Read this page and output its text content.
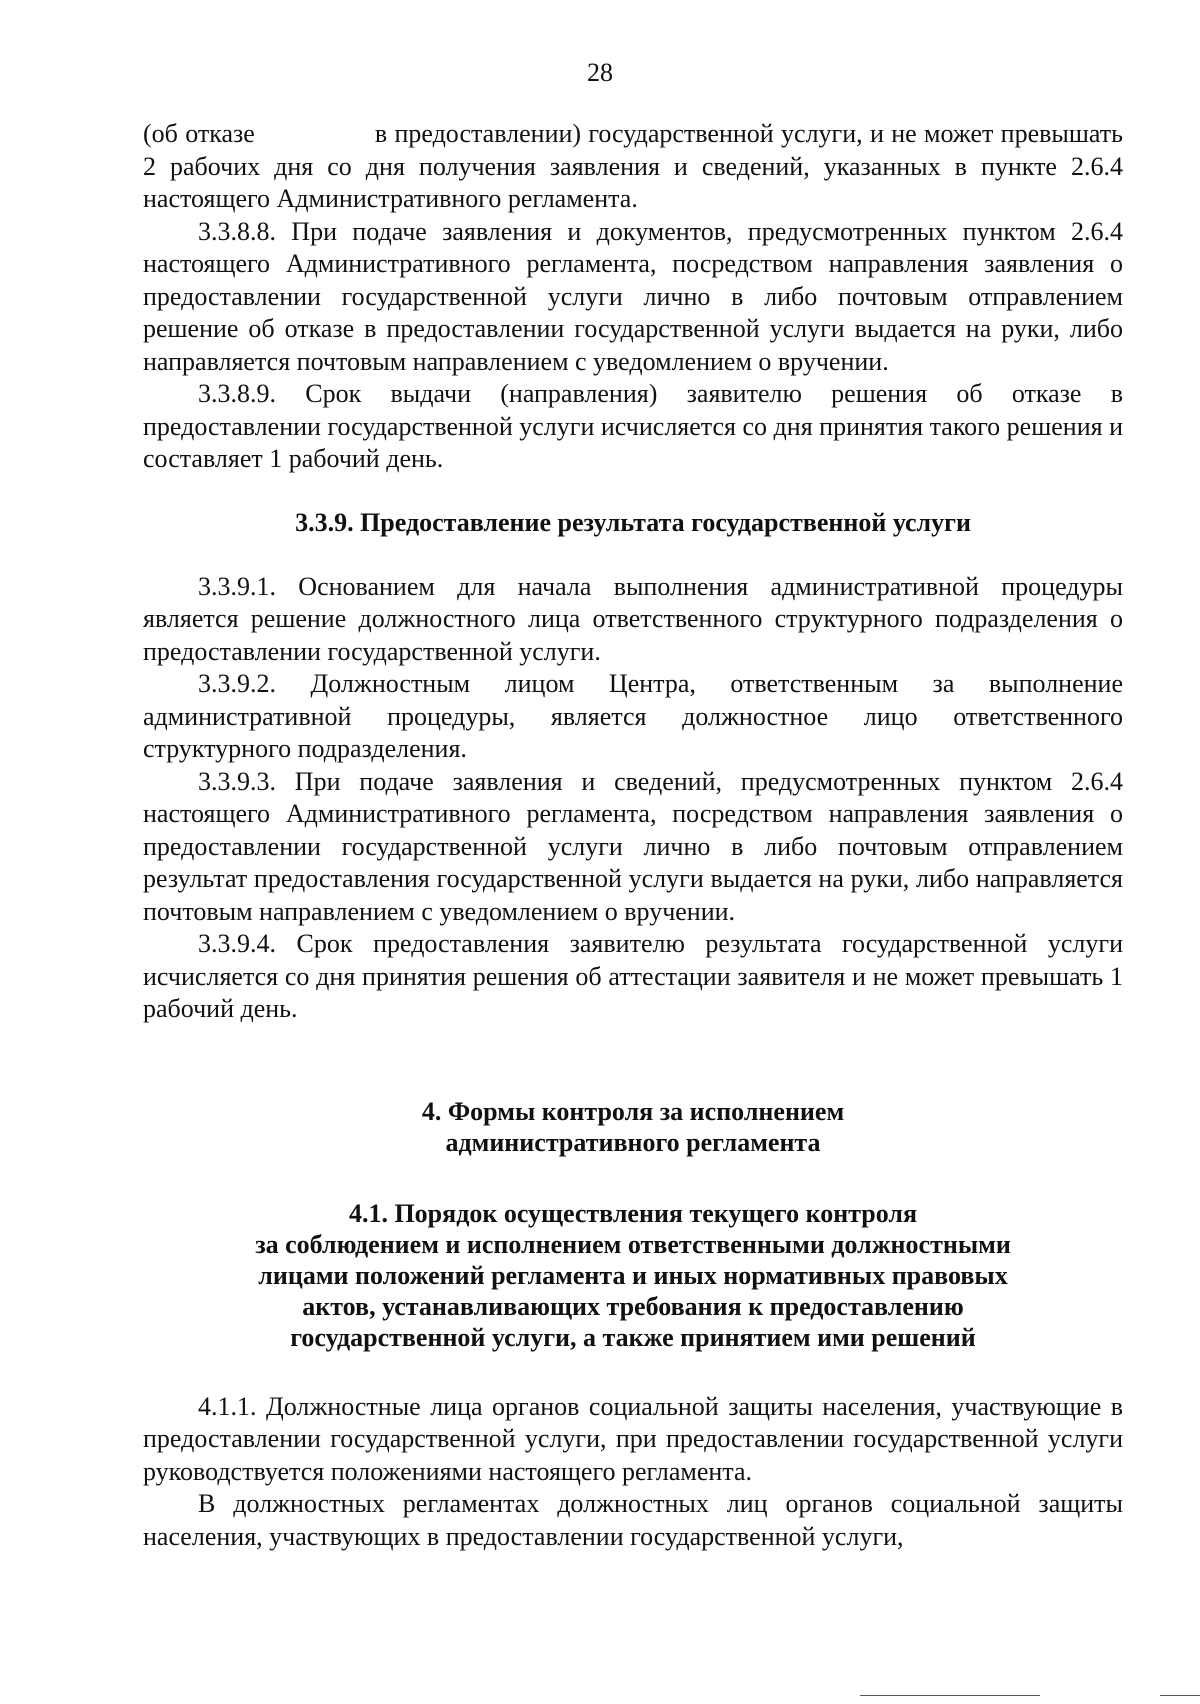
28

(об отказе	в предоставлении) государственной услуги, и не может превышать 2 рабочих дня со дня получения заявления и сведений, указанных в пункте 2.6.4 настоящего Административного регламента.

3.3.8.8. При подаче заявления и документов, предусмотренных пунктом 2.6.4 настоящего Административного регламента, посредством направления заявления о предоставлении государственной услуги лично в либо почтовым отправлением решение об отказе в предоставлении государственной услуги выдается на руки, либо направляется почтовым направлением с уведомлением о вручении.

3.3.8.9. Срок выдачи (направления) заявителю решения об отказе в предоставлении государственной услуги исчисляется со дня принятия такого решения и составляет 1 рабочий день.

3.3.9. Предоставление результата государственной услуги

3.3.9.1. Основанием для начала выполнения административной процедуры является решение должностного лица ответственного структурного подразделения о предоставлении государственной услуги.

3.3.9.2. Должностным лицом Центра, ответственным за выполнение административной процедуры, является должностное лицо ответственного структурного подразделения.

3.3.9.3. При подаче заявления и сведений, предусмотренных пунктом 2.6.4 настоящего Административного регламента, посредством направления заявления о предоставлении государственной услуги лично в либо почтовым отправлением результат предоставления государственной услуги выдается на руки, либо направляется почтовым направлением с уведомлением о вручении.

3.3.9.4. Срок предоставления заявителю результата государственной услуги исчисляется со дня принятия решения об аттестации заявителя и не может превышать 1 рабочий день.

4. Формы контроля за исполнением
административного регламента
4.1. Порядок осуществления текущего контроля
за соблюдением и исполнением ответственными должностными
лицами положений регламента и иных нормативных правовых
актов, устанавливающих требования к предоставлению
государственной услуги, а также принятием ими решений

4.1.1. Должностные лица органов социальной защиты населения, участвующие в предоставлении государственной услуги, при предоставлении государственной услуги руководствуется положениями настоящего регламента.

В должностных регламентах должностных лиц органов социальной защиты населения, участвующих в предоставлении государственной услуги,
